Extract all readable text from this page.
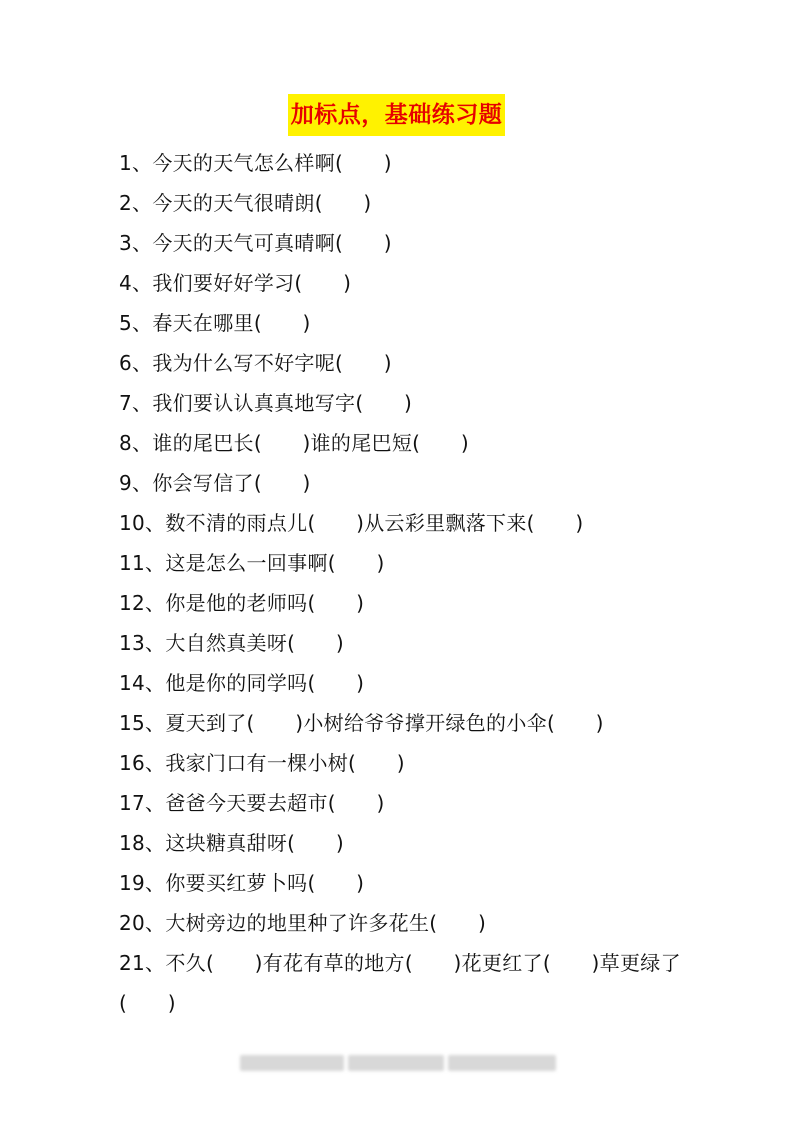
加标点，基础练习题
1、今天的天气怎么样啊(　　)
2、今天的天气很晴朗(　　)
3、今天的天气可真晴啊(　　)
4、我们要好好学习(　　)
5、春天在哪里(　　)
6、我为什么写不好字呢(　　)
7、我们要认认真真地写字(　　)
8、谁的尾巴长(　　)谁的尾巴短(　　)
9、你会写信了(　　)
10、数不清的雨点儿(　　)从云彩里飘落下来(　　)
11、这是怎么一回事啊(　　)
12、你是他的老师吗(　　)
13、大自然真美呀(　　)
14、他是你的同学吗(　　)
15、夏天到了(　　)小树给爷爷撑开绿色的小伞(　　)
16、我家门口有一棵小树(　　)
17、爸爸今天要去超市(　　)
18、这块糖真甜呀(　　)
19、你要买红萝卜吗(　　)
20、大树旁边的地里种了许多花生(　　)
21、不久(　　)有花有草的地方(　　)花更红了(　　)草更绿了(　　)
